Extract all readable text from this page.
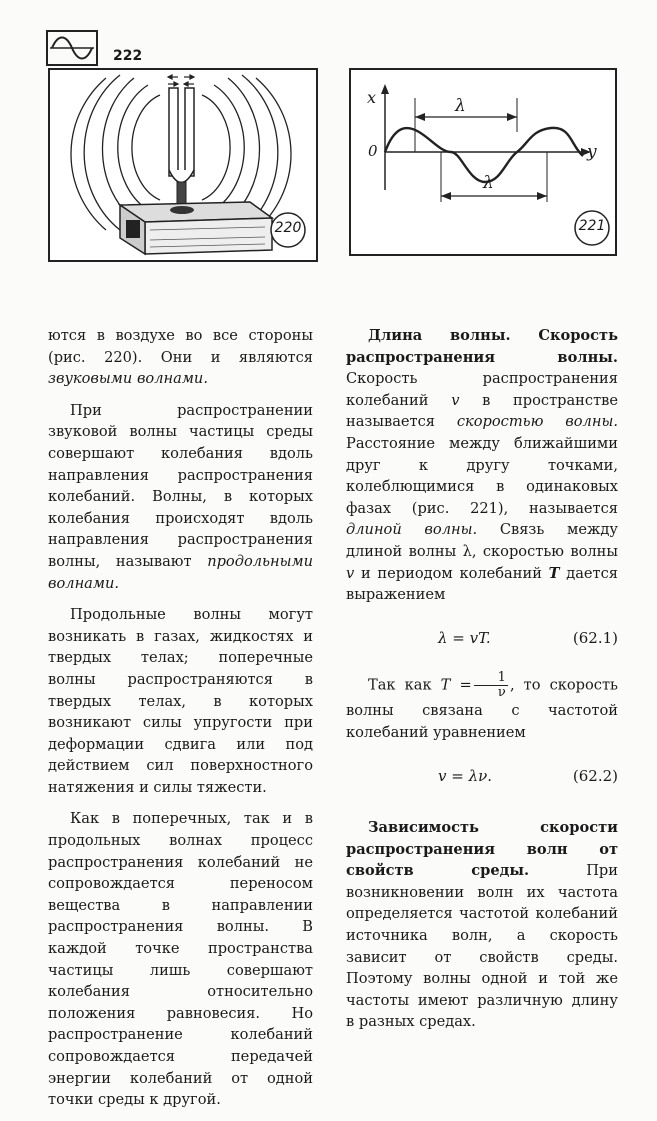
222
220
x
0	y
λ
λ
221

ются в воздухе во все стороны (рис. 220). Они и являются звуковыми волнами.

При распространении звуковой волны частицы среды совершают колебания вдоль направления распространения колебаний. Волны, в которых колебания происходят вдоль направления распространения волны, называют продольными волнами.

Продольные волны могут возникать в газах, жидкостях и твердых телах; поперечные волны распространяются в твердых телах, в которых возникают силы упругости при деформации сдвига или под действием сил поверхностного натяжения и силы тяжести.

Как в поперечных, так и в продольных волнах процесс распространения колебаний не сопровождается переносом вещества в направлении распространения волны. В каждой точке пространства частицы лишь совершают колебания относительно положения равновесия. Но распространение колебаний сопровождается передачей энергии колебаний от одной точки среды к другой.

Длина волны. Скорость распространения волны. Скорость распространения колебаний v в пространстве называется скоростью волны. Расстояние между ближайшими друг к другу точками, колеблющимися в одинаковых фазах (рис. 221), называется длиной волны. Связь между длиной волны λ, скоростью волны v и периодом колебаний T дается выражением

λ = vT.	(62.1)

Так как $T = \frac{1}{\nu}$ , то скорость волны связана с частотой колебаний уравнением

v = λν.	(62.2)

Зависимость скорости распространения волн от свойств среды. При возникновении волн их частота определяется частотой колебаний источника волн, а скорость зависит от свойств среды. Поэтому волны одной и той же частоты имеют различную длину в разных средах.
